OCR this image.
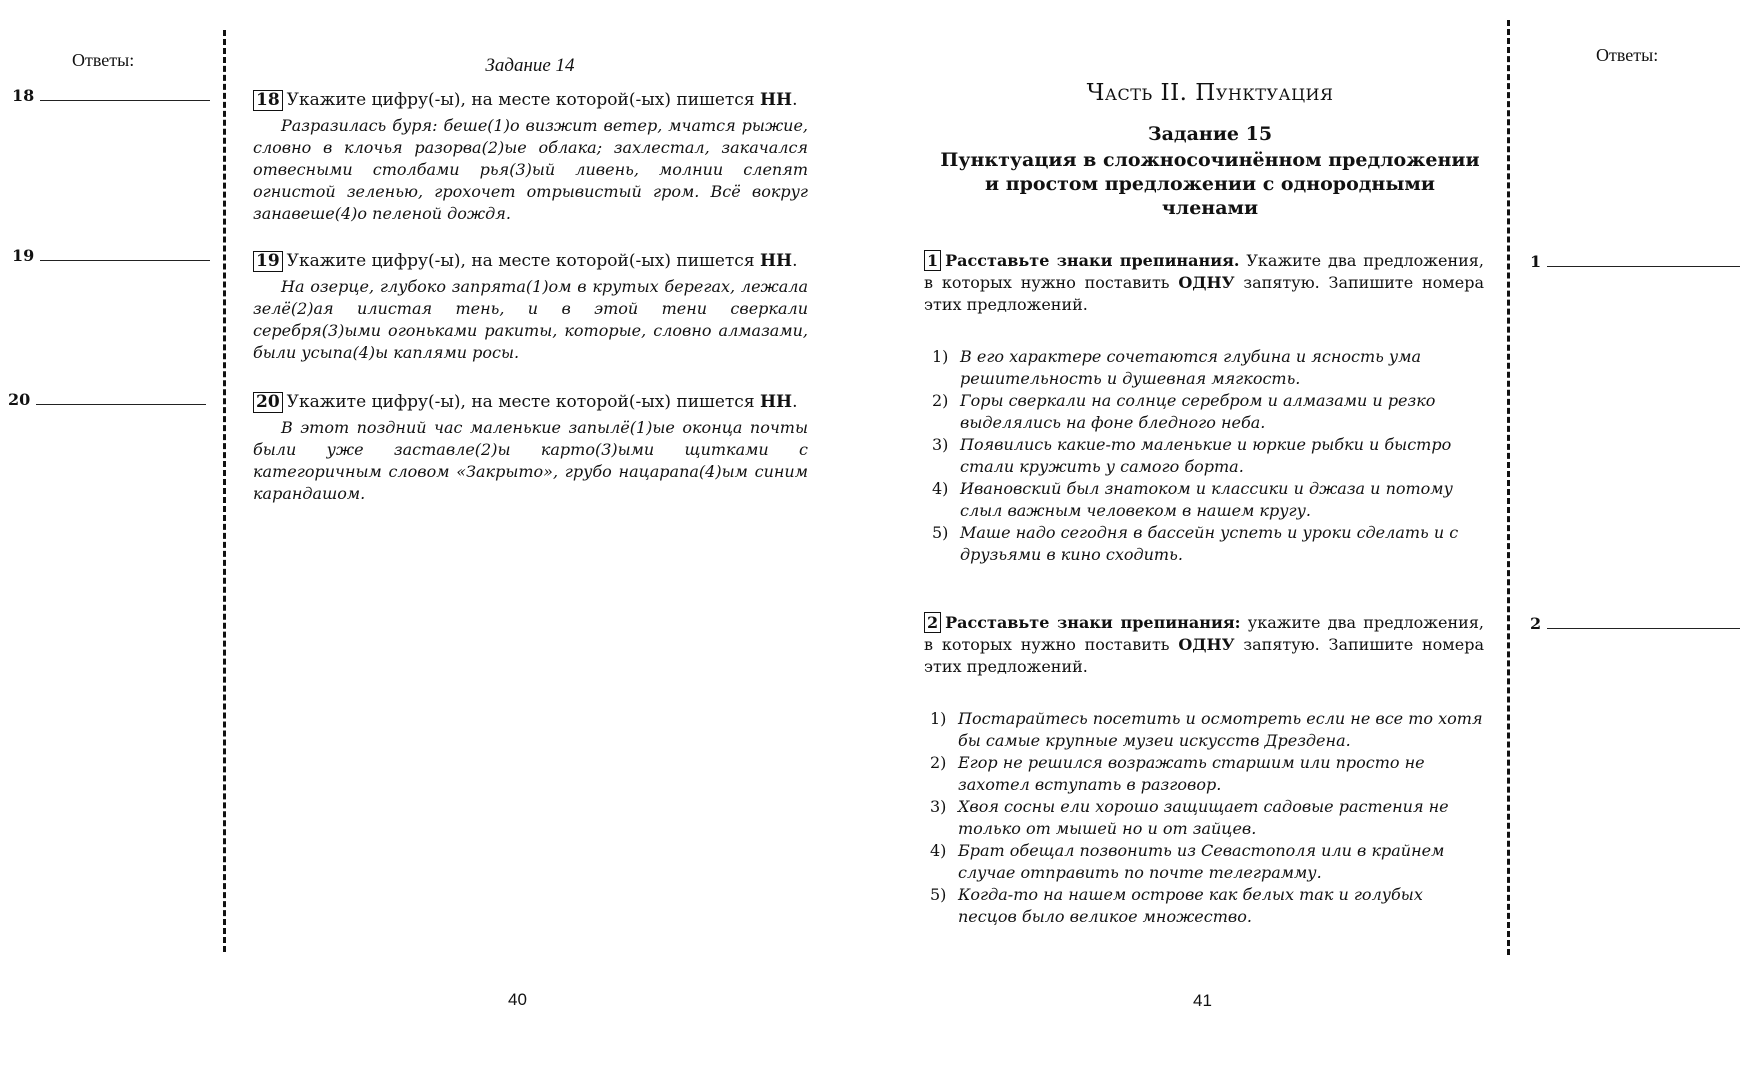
Ответы:
18
19
20
Задание 14
18 Укажите цифру(-ы), на месте которой(-ых) пишется НН.

Разразилась буря: беше(1)о визжит ветер, мчатся рыжие, словно в клочья разорва(2)ые облака; захлестал, закачался отвесными столбами рья(3)ый ливень, молнии слепят огнистой зеленью, грохочет отрывистый гром. Всё вокруг занавеше(4)о пеленой дождя.

19 Укажите цифру(-ы), на месте которой(-ых) пишется НН.

На озерце, глубоко запрята(1)ом в крутых берегах, лежала зелё(2)ая илистая тень, и в этой тени сверкали серебря(3)ыми огоньками ракиты, которые, словно алмазами, были усыпа(4)ы каплями росы.

20 Укажите цифру(-ы), на месте которой(-ых) пишется НН.

В этот поздний час маленькие запылё(1)ые оконца почты были уже заставле(2)ы карто(3)ыми щитками с категоричным словом «Закрыто», грубо нацарапа(4)ым синим карандашом.

40
Часть II. Пунктуация
Задание 15
Пунктуация в сложносочинённом предложении
и простом предложении с однородными
членами
1 Расставьте знаки препинания. Укажите два предложения, в которых нужно поставить ОДНУ запятую. Запишите номера этих предложений.
1) В его характере сочетаются глубина и ясность ума решительность и душевная мягкость.
2) Горы сверкали на солнце серебром и алмазами и резко выделялись на фоне бледного неба.
3) Появились какие-то маленькие и юркие рыбки и быстро стали кружить у самого борта.
4) Ивановский был знатоком и классики и джаза и потому слыл важным человеком в нашем кругу.
5) Маше надо сегодня в бассейн успеть и уроки сделать и с друзьями в кино сходить.
2 Расставьте знаки препинания: укажите два предложения, в которых нужно поставить ОДНУ запятую. Запишите номера этих предложений.
1) Постарайтесь посетить и осмотреть если не все то хотя бы самые крупные музеи искусств Дрездена.
2) Егор не решился возражать старшим или просто не захотел вступать в разговор.
3) Хвоя сосны ели хорошо защищает садовые растения не только от мышей но и от зайцев.
4) Брат обещал позвонить из Севастополя или в крайнем случае отправить по почте телеграмму.
5) Когда-то на нашем острове как белых так и голубых песцов было великое множество.
Ответы:
1
2
41
